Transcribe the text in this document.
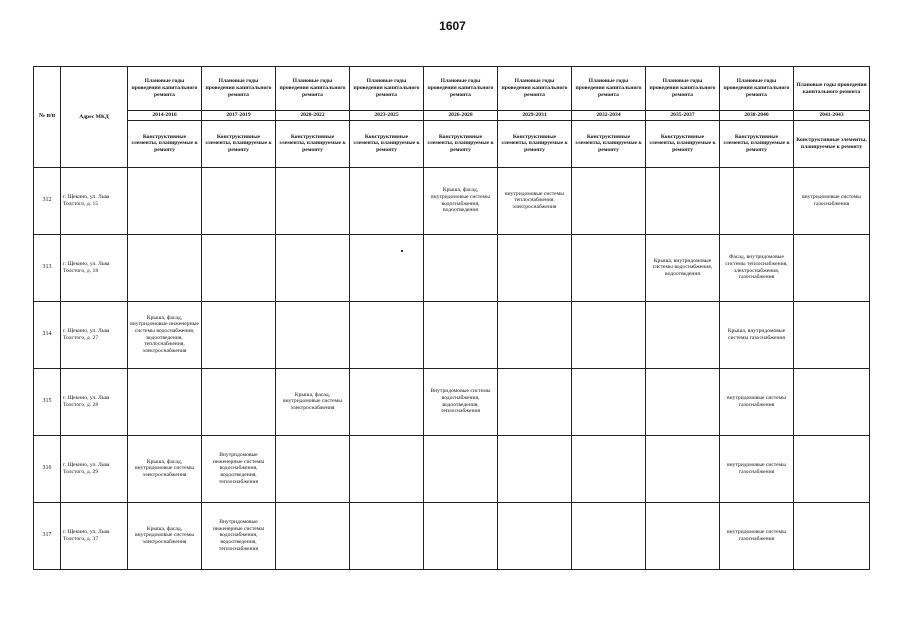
1607
№ п/п	Адрес МКД	Плановые годы проведения капитального ремонта	Плановые годы проведения капитального ремонта	Плановые годы проведения капитального ремонта	Плановые годы проведения капитального ремонта	Плановые годы проведения капитального ремонта	Плановые годы проведения капитального ремонта	Плановые годы проведения капитального ремонта	Плановые годы проведения капитального ремонта	Плановые годы проведения капитального ремонта	Плановые годы проведения капитального ремонта
		2014-2016	2017-2019	2020-2022	2023-2025	2026-2028	2029-2031	2032-2034	2035-2037	2038-2040	2041-2043
		Конструктивные элементы, планируемые к ремонту	Конструктивные элементы, планируемые к ремонту	Конструктивные элементы, планируемые к ремонту	Конструктивные элементы, планируемые к ремонту	Конструктивные элементы, планируемые к ремонту	Конструктивные элементы, планируемые к ремонту	Конструктивные элементы, планируемые к ремонту	Конструктивные элементы, планируемые к ремонту	Конструктивные элементы, планируемые к ремонту	Конструктивные элементы, планируемые к ремонту
312	г. Щекино, ул. Льва Толстого, д. 15					Крыша, фасад, внутридомовые системы водоснабжения, водоотведения	внутридомовые системы теплоснабжения, электроснабжения				внутридомовые системы газоснабжения
313	г. Щекино, ул. Льва Толстого, д. 18								Крыша, внутридомовые системы водоснабжения, водоотведения	Фасад, внутридомовые системы теплоснабжения, электроснабжения, газоснабжения	
314	г. Щекино, ул. Льва Толстого, д. 27	Крыша, фасад, внутридомовые инженерные системы водоснабжения, водоотведения, теплоснабжения, электроснабжения								Крыша, внутридомовые системы газоснабжения	
315	г. Щекино, ул. Льва Толстого, д. 28			Крыша, фасад, внутридомовые системы электроснабжения		Внутридомовые системы водоснабжения, водоотведения, теплоснабжения				внутридомовые системы газоснабжения	
316	г. Щекино, ул. Льва Толстого, д. 29	Крыша, фасад, внутридомовые системы электроснабжения	Внутридомовые инженерные системы водоснабжения, водоотведения, теплоснабжения							внутридомовые системы газоснабжения	
317	г. Щекино, ул. Льва Толстого, д. 37	Крыша, фасад, внутридомовые системы электроснабжения	Внутридомовые инженерные системы водоснабжения, водоотведения, теплоснабжения							внутридомовые системы газоснабжения	
